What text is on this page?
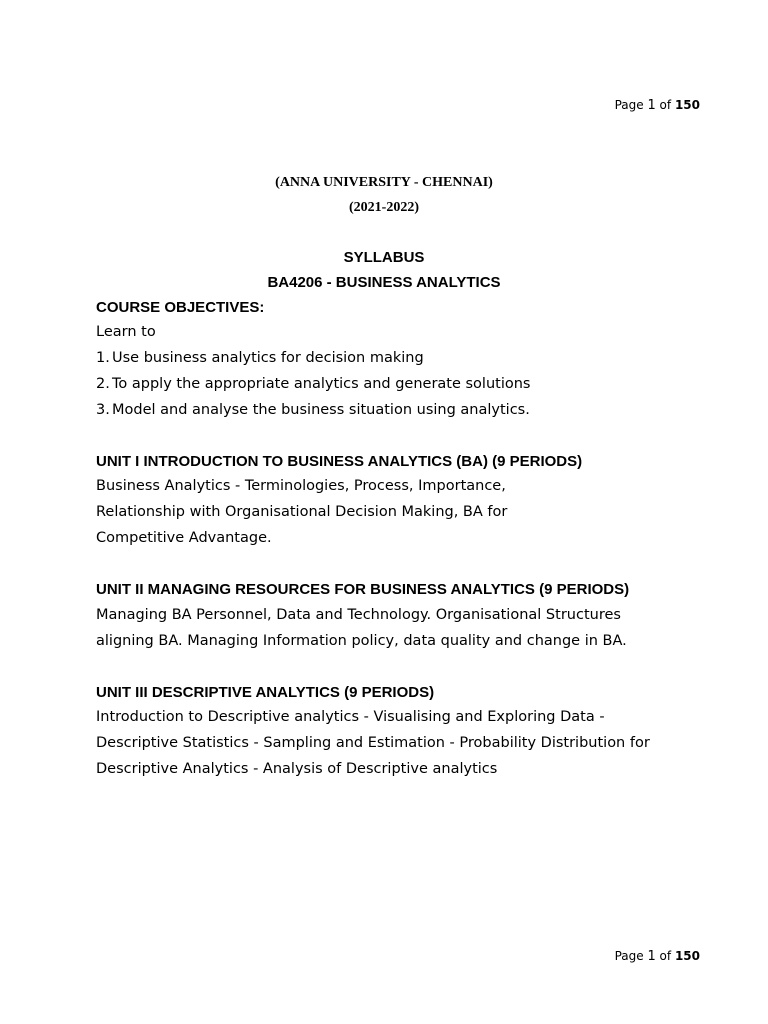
Page 1 of 150
(ANNA UNIVERSITY - CHENNAI)
(2021-2022)
SYLLABUS
BA4206 - BUSINESS ANALYTICS
COURSE OBJECTIVES:
Learn to
1. Use business analytics for decision making
2. To apply the appropriate analytics and generate solutions
3. Model and analyse the business situation using analytics.
UNIT I INTRODUCTION TO BUSINESS ANALYTICS (BA) (9 PERIODS)
Business Analytics - Terminologies, Process, Importance,
Relationship with Organisational Decision Making, BA for
Competitive Advantage.
UNIT II MANAGING RESOURCES FOR BUSINESS ANALYTICS (9 PERIODS)
Managing BA Personnel, Data and Technology. Organisational Structures
aligning BA. Managing Information policy, data quality and change in BA.
UNIT III DESCRIPTIVE ANALYTICS (9 PERIODS)
Introduction to Descriptive analytics - Visualising and Exploring Data -
Descriptive Statistics - Sampling and Estimation - Probability Distribution for
Descriptive Analytics - Analysis of Descriptive analytics
Page 1 of 150
